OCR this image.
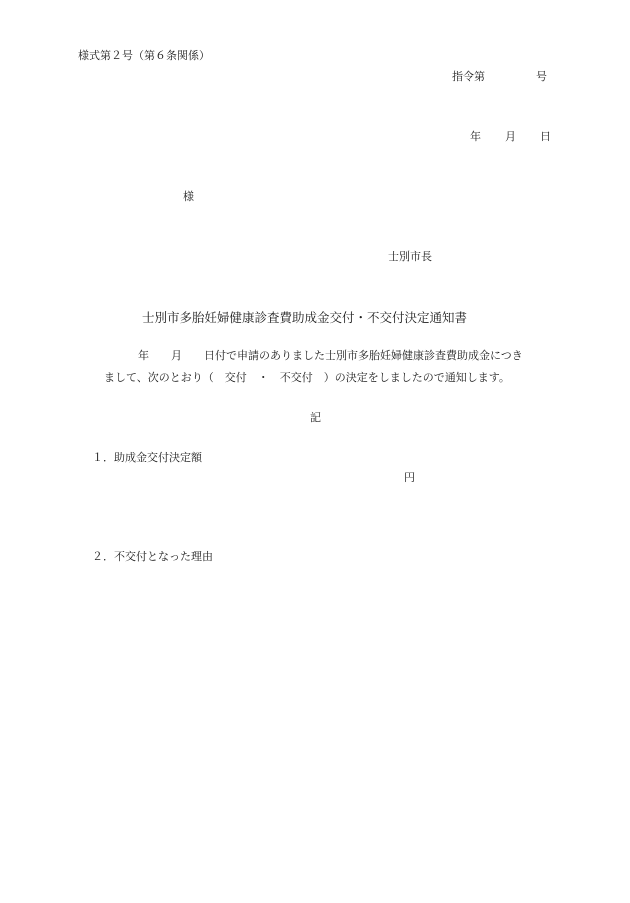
様式第２号（第６条関係）

指令第	号

年 月 日

様

士別市長

士別市多胎妊婦健康診査費助成金交付・不交付決定通知書

年　　月　　日付で申請のありました士別市多胎妊婦健康診査費助成金につき

まして、次のとおり（　交付　・　不交付　）の決定をしましたので通知します。

記

１．助成金交付決定額

円

２．不交付となった理由
